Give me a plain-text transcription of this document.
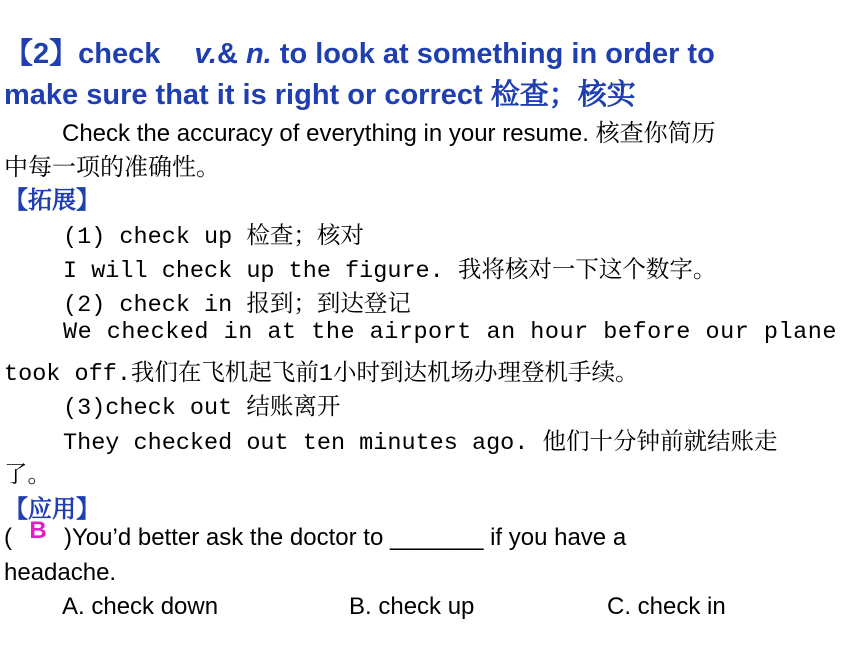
【2】check v.& n. to look at something in order to
make sure that it is right or correct 检查；核实
Check the accuracy of everything in your resume. 核查你简历
中每一项的准确性。
【拓展】
(1) check up 检查；核对
I will check up the figure. 我将核对一下这个数字。
(2) check in 报到；到达登记
We checked in at the airport an hour before our plane
took off.我们在飞机起飞前1小时到达机场办理登机手续。
(3)check out 结账离开
They checked out ten minutes ago. 他们十分钟前就结账走
了。
【应用】
( B )You’d better ask the doctor to _______ if you have a
headache.
A. check down	B. check up	C. check in
